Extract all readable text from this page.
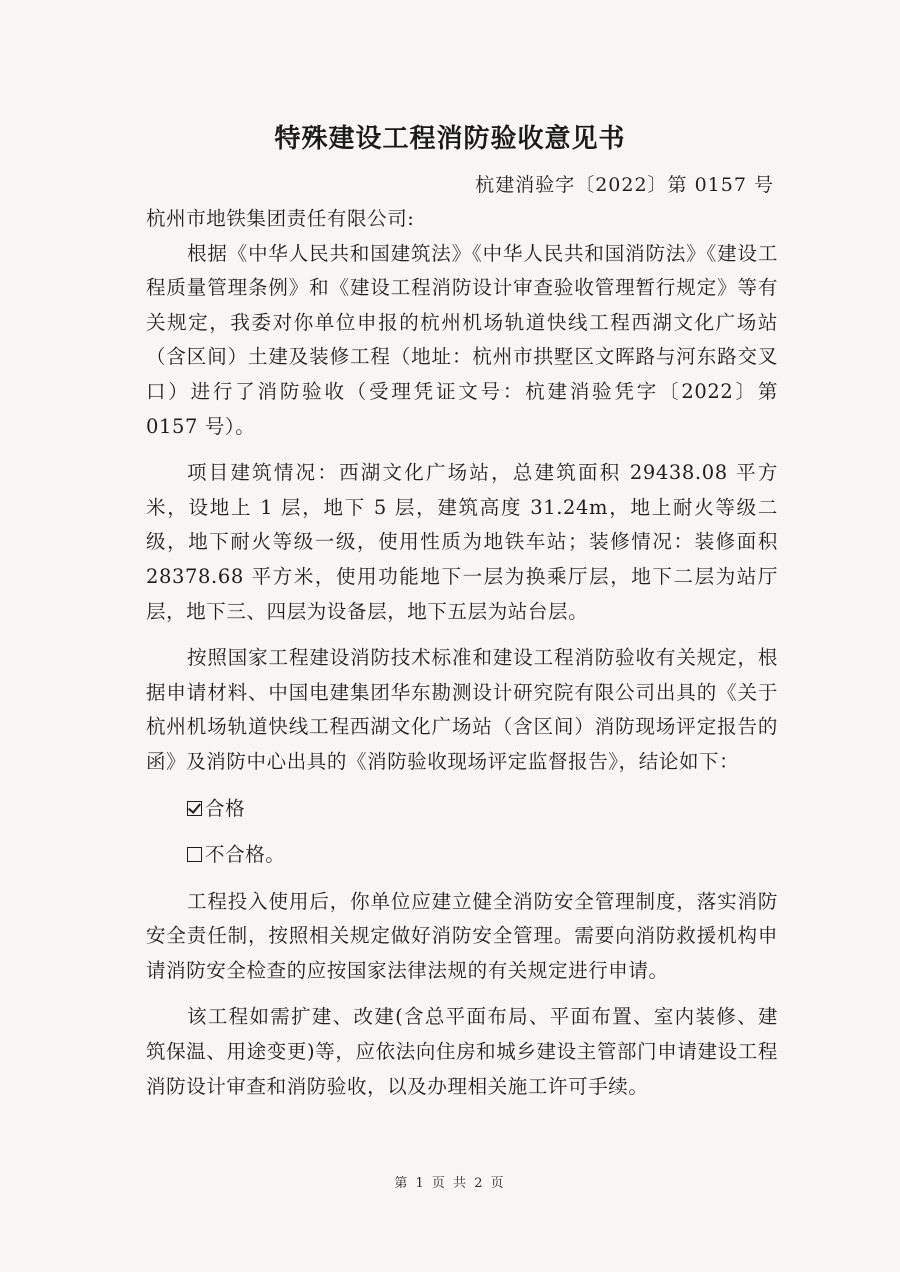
特殊建设工程消防验收意见书
杭建消验字〔2022〕第 0157 号

杭州市地铁集团责任有限公司:

根据《中华人民共和国建筑法》《中华人民共和国消防法》《建设工程质量管理条例》和《建设工程消防设计审查验收管理暂行规定》等有关规定，我委对你单位申报的杭州机场轨道快线工程西湖文化广场站（含区间）土建及装修工程（地址：杭州市拱墅区文晖路与河东路交叉口）进行了消防验收（受理凭证文号：杭建消验凭字〔2022〕第 0157 号）。

项目建筑情况：西湖文化广场站，总建筑面积 29438.08 平方米，设地上 1 层，地下 5 层，建筑高度 31.24m，地上耐火等级二级，地下耐火等级一级，使用性质为地铁车站；装修情况：装修面积 28378.68 平方米，使用功能地下一层为换乘厅层，地下二层为站厅层，地下三、四层为设备层，地下五层为站台层。

按照国家工程建设消防技术标准和建设工程消防验收有关规定，根据申请材料、中国电建集团华东勘测设计研究院有限公司出具的《关于杭州机场轨道快线工程西湖文化广场站（含区间）消防现场评定报告的函》及消防中心出具的《消防验收现场评定监督报告》，结论如下：

合格

不合格。

工程投入使用后，你单位应建立健全消防安全管理制度，落实消防安全责任制，按照相关规定做好消防安全管理。需要向消防救援机构申请消防安全检查的应按国家法律法规的有关规定进行申请。

该工程如需扩建、改建(含总平面布局、平面布置、室内装修、建筑保温、用途变更)等，应依法向住房和城乡建设主管部门申请建设工程消防设计审查和消防验收，以及办理相关施工许可手续。

第 1 页 共 2 页
